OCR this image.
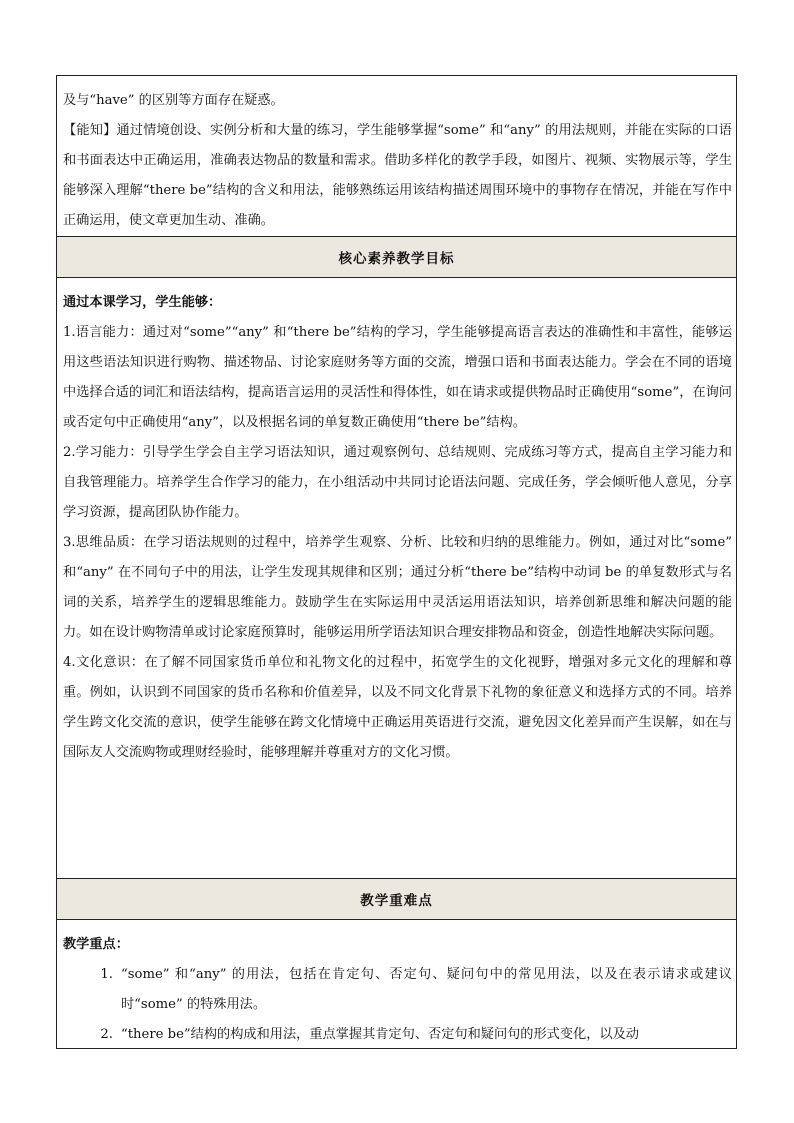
及与“have” 的区别等方面存在疑惑。

【能知】通过情境创设、实例分析和大量的练习，学生能够掌握“some” 和“any” 的用法规则，并能在实际的口语和书面表达中正确运用，准确表达物品的数量和需求。借助多样化的教学手段，如图片、视频、实物展示等，学生能够深入理解“there be”结构的含义和用法，能够熟练运用该结构描述周围环境中的事物存在情况，并能在写作中正确运用，使文章更加生动、准确。

核心素养教学目标

通过本课学习，学生能够：

1.语言能力：通过对“some”“any” 和“there be”结构的学习，学生能够提高语言表达的准确性和丰富性，能够运用这些语法知识进行购物、描述物品、讨论家庭财务等方面的交流，增强口语和书面表达能力。学会在不同的语境中选择合适的词汇和语法结构，提高语言运用的灵活性和得体性，如在请求或提供物品时正确使用“some”，在询问或否定句中正确使用“any”，以及根据名词的单复数正确使用“there be”结构。

2.学习能力：引导学生学会自主学习语法知识，通过观察例句、总结规则、完成练习等方式，提高自主学习能力和自我管理能力。培养学生合作学习的能力，在小组活动中共同讨论语法问题、完成任务，学会倾听他人意见，分享学习资源，提高团队协作能力。

3.思维品质：在学习语法规则的过程中，培养学生观察、分析、比较和归纳的思维能力。例如，通过对比“some” 和“any” 在不同句子中的用法，让学生发现其规律和区别；通过分析“there be”结构中动词 be 的单复数形式与名词的关系，培养学生的逻辑思维能力。鼓励学生在实际运用中灵活运用语法知识，培养创新思维和解决问题的能力。如在设计购物清单或讨论家庭预算时，能够运用所学语法知识合理安排物品和资金，创造性地解决实际问题。

4.文化意识：在了解不同国家货币单位和礼物文化的过程中，拓宽学生的文化视野，增强对多元文化的理解和尊重。例如，认识到不同国家的货币名称和价值差异，以及不同文化背景下礼物的象征意义和选择方式的不同。培养学生跨文化交流的意识，使学生能够在跨文化情境中正确运用英语进行交流，避免因文化差异而产生误解，如在与国际友人交流购物或理财经验时，能够理解并尊重对方的文化习惯。

教学重难点

教学重点：

1. “some” 和“any” 的用法，包括在肯定句、否定句、疑问句中的常见用法，以及在表示请求或建议时“some” 的特殊用法。
2. “there be”结构的构成和用法，重点掌握其肯定句、否定句和疑问句的形式变化，以及动
